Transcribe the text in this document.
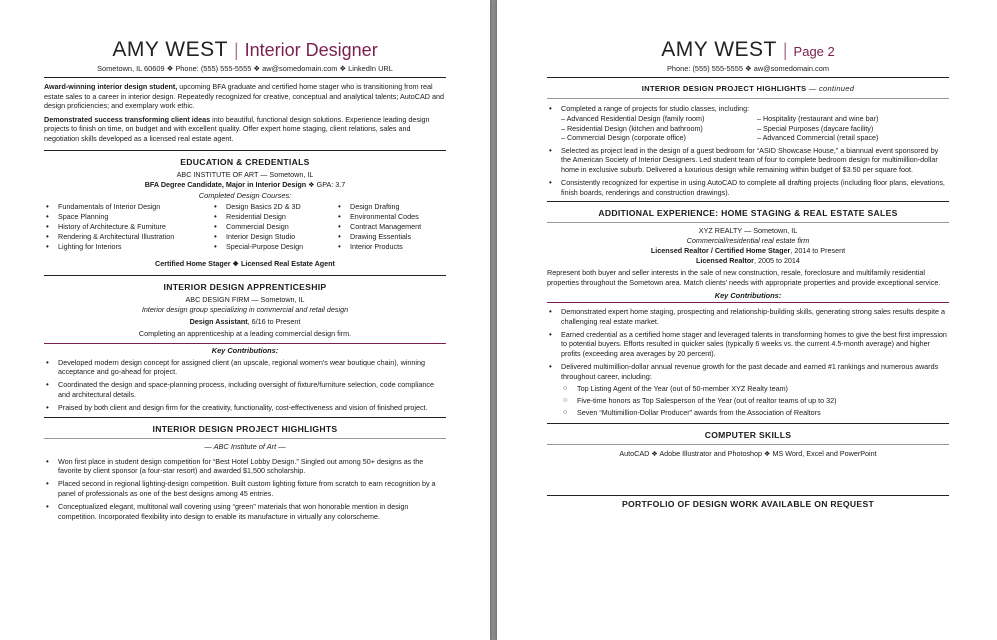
AMY WEST | Interior Designer
Sometown, IL 60609 ❖ Phone: (555) 555-5555 ❖ aw@somedomain.com ❖ LinkedIn URL

Award-winning interior design student, upcoming BFA graduate and certified home stager who is transitioning from real estate sales to a career in interior design. Repeatedly recognized for creative, conceptual and analytical talents; AutoCAD and design proficiencies; and exemplary work ethic.

Demonstrated success transforming client ideas into beautiful, functional design solutions. Experience leading design projects to finish on time, on budget and with excellent quality. Offer expert home staging, client relations, sales and negotiation skills developed as a licensed real estate agent.

EDUCATION & CREDENTIALS
ABC INSTITUTE OF ART — Sometown, IL
BFA Degree Candidate, Major in Interior Design ❖ GPA: 3.7
Completed Design Courses:
• Fundamentals of Interior Design
• Space Planning
• History of Architecture & Furniture
• Rendering & Architectural Illustration
• Lighting for Interiors
• Design Basics 2D & 3D
• Residential Design
• Commercial Design
• Interior Design Studio
• Special-Purpose Design
• Design Drafting
• Environmental Codes
• Contract Management
• Drawing Essentials
• Interior Products
Certified Home Stager ❖ Licensed Real Estate Agent
INTERIOR DESIGN APPRENTICESHIP
ABC DESIGN FIRM — Sometown, IL
Interior design group specializing in commercial and retail design
Design Assistant, 6/16 to Present
Completing an apprenticeship at a leading commercial design firm.
Key Contributions:
• Developed modern design concept for assigned client (an upscale, regional women's wear boutique chain), winning acceptance and go-ahead for project.
• Coordinated the design and space-planning process, including oversight of fixture/furniture selection, code compliance and architectural details.
• Praised by both client and design firm for the creativity, functionality, cost-effectiveness and vision of finished project.
INTERIOR DESIGN PROJECT HIGHLIGHTS
— ABC Institute of Art —
• Won first place in student design competition for “Best Hotel Lobby Design.” Singled out among 50+ designs as the favorite by client sponsor (a four-star resort) and awarded $1,500 scholarship.
• Placed second in regional lighting-design competition. Built custom lighting fixture from scratch to earn recognition by a panel of professionals as one of the best designs among 45 entries.
• Conceptualized elegant, multitonal wall covering using “green” materials that won honorable mention in design competition. Incorporated flexibility into design to enable its manufacture in virtually any colorscheme.
AMY WEST | Page 2
Phone: (555) 555-5555 ❖ aw@somedomain.com
INTERIOR DESIGN PROJECT HIGHLIGHTS — continued
• Completed a range of projects for studio classes, including:
– Advanced Residential Design (family room)
– Residential Design (kitchen and bathroom)
– Commercial Design (corporate office)
– Hospitality (restaurant and wine bar)
– Special Purposes (daycare facility)
– Advanced Commercial (retail space)
• Selected as project lead in the design of a guest bedroom for “ASID Showcase House,” a biannual event sponsored by the American Society of Interior Designers. Led student team of four to complete bedroom design for multimillion-dollar home in exclusive suburb. Delivered a luxurious design while remaining within budget of $3.50 per square foot.
• Consistently recognized for expertise in using AutoCAD to complete all drafting projects (including floor plans, elevations, finish boards, renderings and construction drawings).
ADDITIONAL EXPERIENCE: HOME STAGING & REAL ESTATE SALES
XYZ REALTY — Sometown, IL
Commercial/residential real estate firm
Licensed Realtor / Certified Home Stager, 2014 to Present
Licensed Realtor, 2005 to 2014

Represent both buyer and seller interests in the sale of new construction, resale, foreclosure and multifamily residential properties throughout the Sometown area. Match clients' needs with appropriate properties and provide exceptional service.

Key Contributions:
• Demonstrated expert home staging, prospecting and relationship-building skills, generating strong sales results despite a challenging real estate market.
• Earned credential as a certified home stager and leveraged talents in transforming homes to give the best first impression to potential buyers. Efforts resulted in quicker sales (typically 6 weeks vs. the current 4.5-month average) and higher profits (exceeding area averages by 20 percent).
• Delivered multimillion-dollar annual revenue growth for the past decade and earned #1 rankings and numerous awards throughout career, including:
○ Top Listing Agent of the Year (out of 50-member XYZ Realty team)
○ Five-time honors as Top Salesperson of the Year (out of realtor teams of up to 32)
○ Seven “Multimillion-Dollar Producer” awards from the Association of Realtors
COMPUTER SKILLS
AutoCAD ❖ Adobe Illustrator and Photoshop ❖ MS Word, Excel and PowerPoint
PORTFOLIO OF DESIGN WORK AVAILABLE ON REQUEST
